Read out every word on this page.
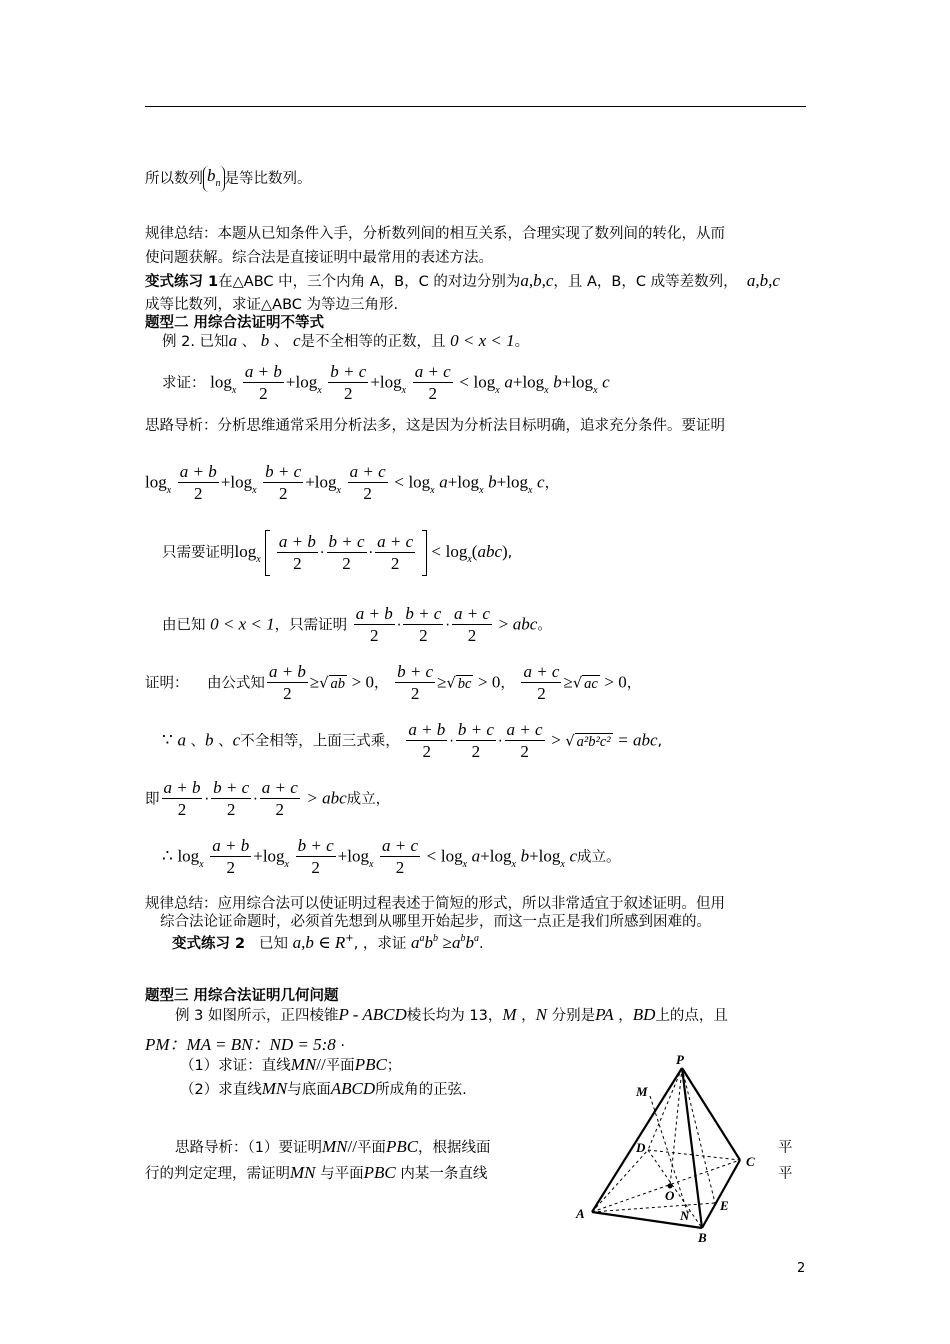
所以数列 $b_n$ 是等比数列。
规律总结：本题从已知条件入手，分析数列间的相互关系，合理实现了数列间的转化，从而
使问题获解。综合法是直接证明中最常用的表述方法。
变式练习 1在△ABC 中，三个内角 A，B，C 的对边分别为a,b,c，且 A，B，C 成等差数列， a,b,c
成等比数列，求证△ABC 为等边三角形.
题型二 用综合法证明不等式
例 2. 已知a 、 b 、 c是不全相等的正数，且 0 < x < 1。
求证： $\log_x \frac{a + b}{2} +\log_x \frac{b + c}{2} +\log_x \frac{a + c}{2} < \log_x a+\log_x$ $b+\log_x$ c
思路导析：分析思维通常采用分析法多，这是因为分析法目标明确，追求充分条件。要证明
$\log_x \frac{a + b}{2} +\log_x \frac{b + c}{2} +\log_x \frac{a + c}{2} < \log_x a+\log_x$ $b+\log_x$ c，
只需要证明$\log_x \frac{a + b}{2} \cdot \frac{b + c}{2} \cdot \frac{a + c}{2} < \log_x(abc)$,
由已知 0 < x < 1，只需证明 $\frac{a + b}{2} \cdot \frac{b + c}{2} \cdot \frac{a + c}{2}$ > abc。
证明： 由公式知 $\frac{a + b}{2}$ ≥√ ab > 0， $\frac{b + c}{2}$ ≥√ bc > 0， $\frac{a + c}{2}$ ≥√ ac > 0，
∵ a 、b 、c不全相等，上面三式乘， $\frac{a + b}{2} \cdot \frac{b + c}{2} \cdot \frac{a + c}{2}$ > √ a²b²c² = abc,
即 $\frac{a + b}{2} \cdot \frac{b + c}{2} \cdot \frac{a + c}{2}$ > abc成立，
∴ $\log_x \frac{a + b}{2} +\log_x \frac{b + c}{2} +\log_x \frac{a + c}{2} < \log_x a+\log_x$ $b+\log_x$ c成立。
规律总结：应用综合法可以使证明过程表述于简短的形式，所以非常适宜于叙述证明。但用
综合法论证命题时，必须首先想到从哪里开始起步，而这一点正是我们所感到困难的。
变式练习 2 已知 a,b ∈ R+, ，求证 $a^ab^b \ge a^bb^a$.
题型三 用综合法证明几何问题
例 3 如图所示，正四棱锥P - ABCD棱长均为 13，M ，N 分别是PA ，BD上的点，且
PM：MA = BN：ND = 5:8 ·
（1）求证：直线MN//平面PBC；
（2）求直线MN与底面ABCD所成角的正弦.
思路导析：（1）要证明MN//平面PBC，根据线面
行的判定定理，需证明MN 与平面PBC 内某一条直线
平
平
P
M
D
C
O
A	N
E
B
2
